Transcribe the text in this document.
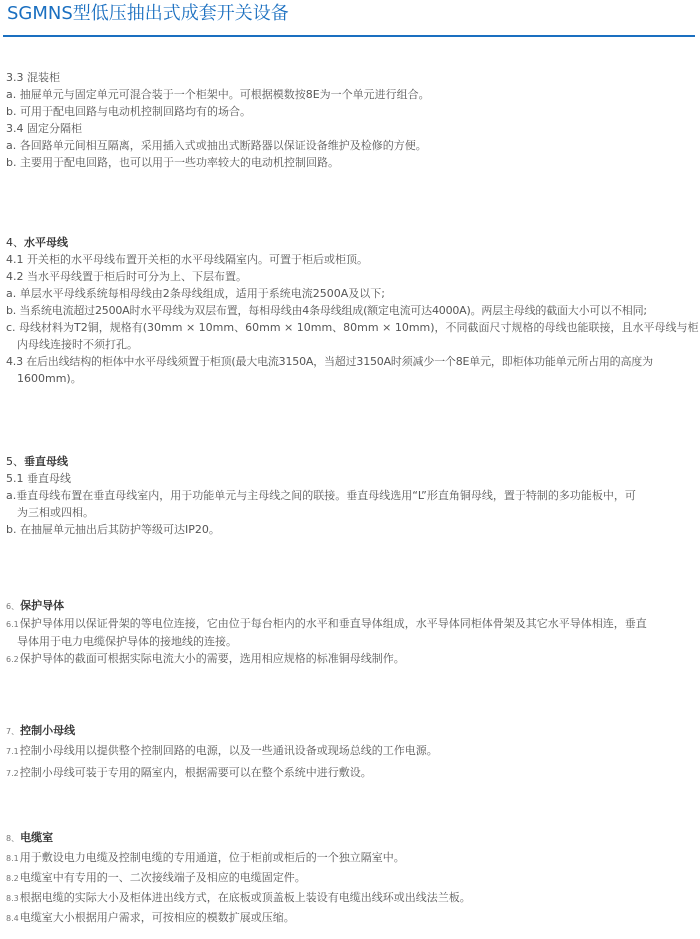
SGMNS型低压抽出式成套开关设备
3.3 混装柜
a. 抽屉单元与固定单元可混合装于一个柜架中。可根据模数按8E为一个单元进行组合。
b. 可用于配电回路与电动机控制回路均有的场合。
3.4 固定分隔柜
a. 各回路单元间相互隔离，采用插入式或抽出式断路器以保证设备维护及检修的方便。
b. 主要用于配电回路，也可以用于一些功率较大的电动机控制回路。
4、水平母线
4.1 开关柜的水平母线布置开关柜的水平母线隔室内。可置于柜后或柜顶。
4.2 当水平母线置于柜后时可分为上、下层布置。
a. 单层水平母线系统每相母线由2条母线组成，适用于系统电流2500A及以下;
b. 当系统电流超过2500A时水平母线为双层布置，每相母线由4条母线组成(额定电流可达4000A)。两层主母线的截面大小可以不相同;
c. 母线材料为T2铜，规格有(30mm × 10mm、60mm × 10mm、80mm × 10mm)，不同截面尺寸规格的母线也能联接，且水平母线与柜
内母线连接时不须打孔。
4.3 在后出线结构的柜体中水平母线须置于柜顶(最大电流3150A，当超过3150A时须减少一个8E单元，即柜体功能单元所占用的高度为
1600mm)。
5、垂直母线
5.1 垂直母线
a.垂直母线布置在垂直母线室内，用于功能单元与主母线之间的联接。垂直母线选用“L”形直角铜母线，置于特制的多功能板中，可
为三相或四相。
b. 在抽屉单元抽出后其防护等级可达IP20。
6、保护导体
6.1保护导体用以保证骨架的等电位连接，它由位于每台柜内的水平和垂直导体组成，水平导体同柜体骨架及其它水平导体相连，垂直
导体用于电力电缆保护导体的接地线的连接。
6.2保护导体的截面可根据实际电流大小的需要，选用相应规格的标准铜母线制作。
7、控制小母线
7.1控制小母线用以提供整个控制回路的电源，以及一些通讯设备或现场总线的工作电源。
7.2控制小母线可装于专用的隔室内，根据需要可以在整个系统中进行敷设。
8、电缆室
8.1用于敷设电力电缆及控制电缆的专用通道，位于柜前或柜后的一个独立隔室中。
8.2电缆室中有专用的一、二次接线端子及相应的电缆固定件。
8.3根据电缆的实际大小及柜体进出线方式，在底板或顶盖板上装设有电缆出线环或出线法兰板。
8.4电缆室大小根据用户需求，可按相应的模数扩展或压缩。
